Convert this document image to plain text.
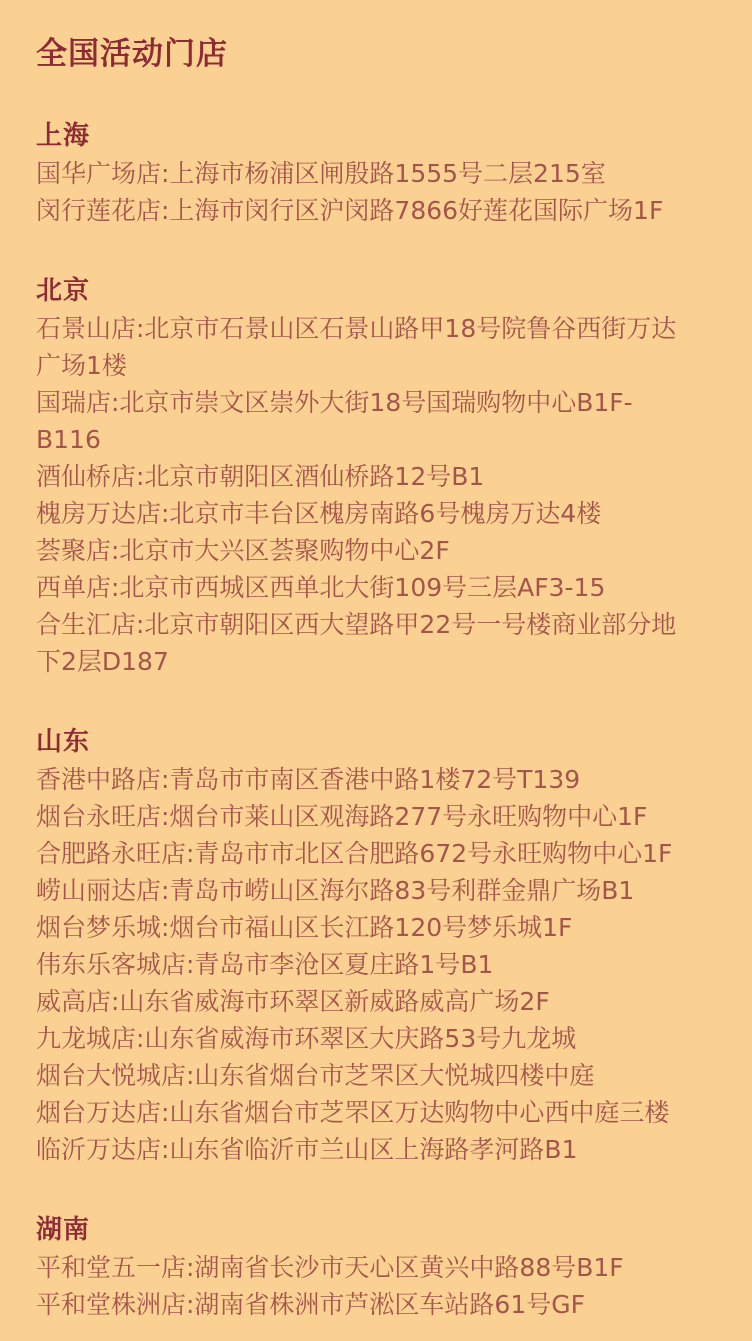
全国活动门店
上海
国华广场店:上海市杨浦区闸殷路1555号二层215室
闵行莲花店:上海市闵行区沪闵路7866好莲花国际广场1F
北京
石景山店:北京市石景山区石景山路甲18号院鲁谷西街万达广场1楼
国瑞店:北京市崇文区崇外大街18号国瑞购物中心B1F-B116
酒仙桥店:北京市朝阳区酒仙桥路12号B1
槐房万达店:北京市丰台区槐房南路6号槐房万达4楼
荟聚店:北京市大兴区荟聚购物中心2F
西单店:北京市西城区西单北大街109号三层AF3-15
合生汇店:北京市朝阳区西大望路甲22号一号楼商业部分地下2层D187
山东
香港中路店:青岛市市南区香港中路1楼72号T139
烟台永旺店:烟台市莱山区观海路277号永旺购物中心1F
合肥路永旺店:青岛市市北区合肥路672号永旺购物中心1F
崂山丽达店:青岛市崂山区海尔路83号利群金鼎广场B1
烟台梦乐城:烟台市福山区长江路120号梦乐城1F
伟东乐客城店:青岛市李沧区夏庄路1号B1
威高店:山东省威海市环翠区新威路威高广场2F
九龙城店:山东省威海市环翠区大庆路53号九龙城
烟台大悦城店:山东省烟台市芝罘区大悦城四楼中庭
烟台万达店:山东省烟台市芝罘区万达购物中心西中庭三楼
临沂万达店:山东省临沂市兰山区上海路孝河路B1
湖南
平和堂五一店:湖南省长沙市天心区黄兴中路88号B1F
平和堂株洲店:湖南省株洲市芦淞区车站路61号GF
